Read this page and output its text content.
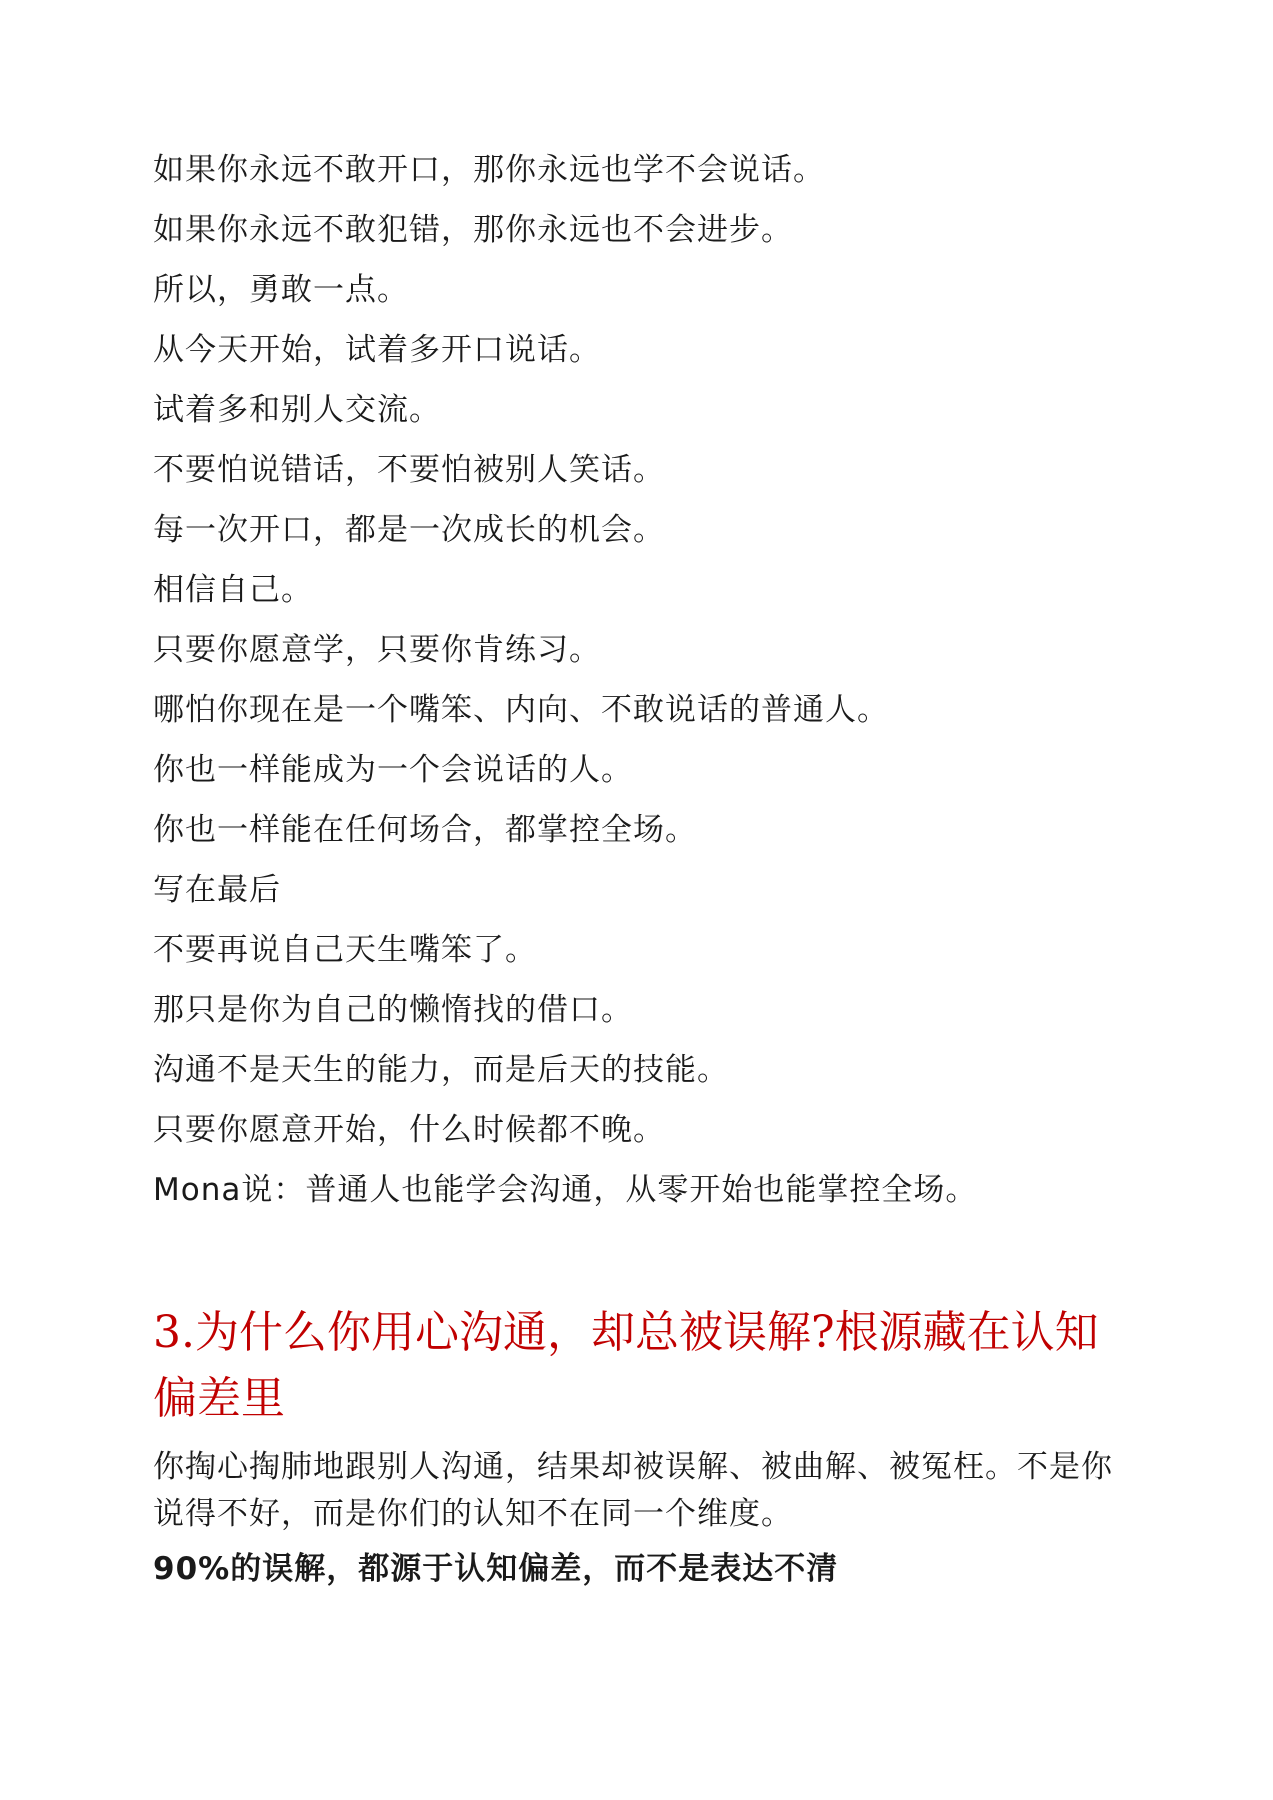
如果你永远不敢开口，那你永远也学不会说话。
如果你永远不敢犯错，那你永远也不会进步。
所以，勇敢一点。
从今天开始，试着多开口说话。
试着多和别人交流。
不要怕说错话，不要怕被别人笑话。
每一次开口，都是一次成长的机会。
相信自己。
只要你愿意学，只要你肯练习。
哪怕你现在是一个嘴笨、内向、不敢说话的普通人。
你也一样能成为一个会说话的人。
你也一样能在任何场合，都掌控全场。
写在最后
不要再说自己天生嘴笨了。
那只是你为自己的懒惰找的借口。
沟通不是天生的能力，而是后天的技能。
只要你愿意开始，什么时候都不晚。
Mona说：普通人也能学会沟通，从零开始也能掌控全场。
3.为什么你用心沟通，却总被误解?根源藏在认知偏差里

你掏心掏肺地跟别人沟通，结果却被误解、被曲解、被冤枉。不是你说得不好，而是你们的认知不在同一个维度。

90%的误解，都源于认知偏差，而不是表达不清
